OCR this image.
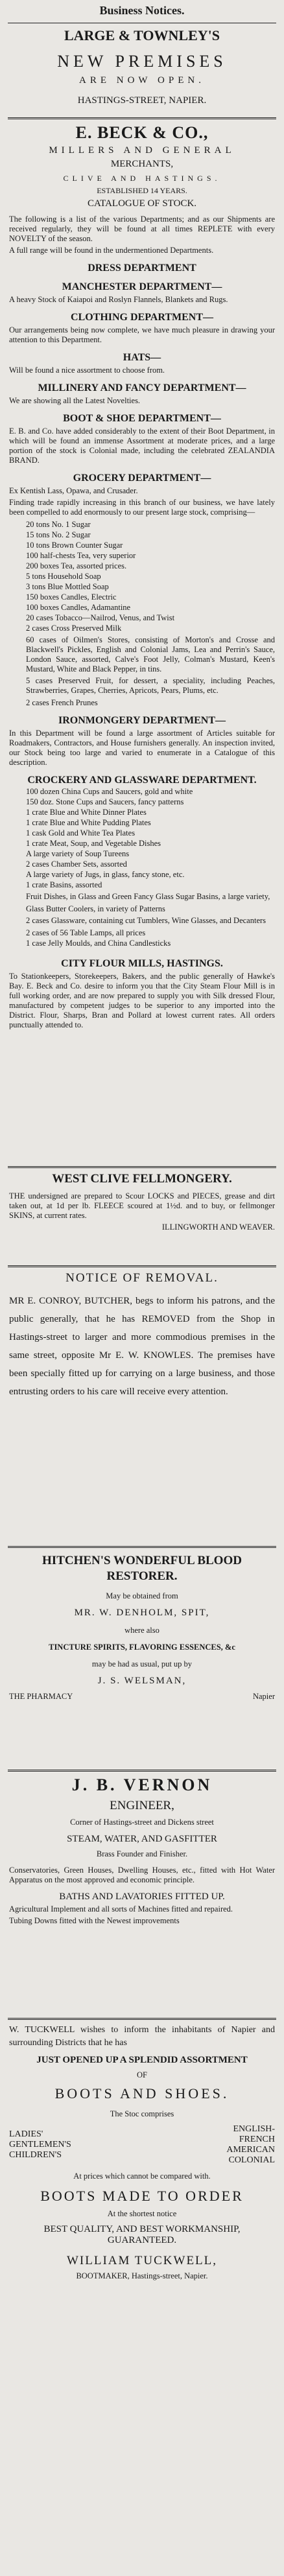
Business Notices.
LARGE & TOWNLEY'S
NEW PREMISES
ARE NOW OPEN.
HASTINGS-STREET, NAPIER.
E. BECK & CO.,
MILLERS AND GENERAL
MERCHANTS,
CLIVE AND HASTINGS.
ESTABLISHED 14 YEARS.
CATALOGUE OF STOCK.
The following is a list of the various Departments; and as our Shipments are received regularly, they will be found at all times REPLETE with every NOVELTY of the season.
A full range will be found in the undermentioned Departments.
DRESS DEPARTMENT
MANCHESTER DEPARTMENT—
A heavy Stock of Kaiapoi and Roslyn Flannels, Blankets and Rugs.
CLOTHING DEPARTMENT—
Our arrangements being now complete, we have much pleasure in drawing your attention to this Department.
HATS—
Will be found a nice assortment to choose from.
MILLINERY AND FANCY DEPARTMENT—
We are showing all the Latest Novelties.
BOOT & SHOE DEPARTMENT—
E. B. and Co. have added considerably to the extent of their Boot Department, in which will be found an immense Assortment at moderate prices, and a large portion of the stock is Colonial made, including the celebrated ZEALANDIA BRAND.
GROCERY DEPARTMENT—
Ex Kentish Lass, Opawa, and Crusader.
Finding trade rapidly increasing in this branch of our business, we have lately been compelled to add enormously to our present large stock, comprising—
20 tons No. 1 Sugar
15 tons No. 2 Sugar
10 tons Brown Counter Sugar
100 half-chests Tea, very superior
200 boxes Tea, assorted prices.
5 tons Household Soap
3 tons Blue Mottled Soap
150 boxes Candles, Electric
100 boxes Candles, Adamantine
20 cases Tobacco—Nailrod, Venus, and Twist
2 cases Cross Preserved Milk
60 cases of Oilmen's Stores, consisting of Morton's and Crosse and Blackwell's Pickles, English and Colonial Jams, Lea and Perrin's Sauce, London Sauce, assorted, Calve's Foot Jelly, Colman's Mustard, Keen's Mustard, White and Black Pepper, in tins.
5 cases Preserved Fruit, for dessert, a speciality, including Peaches, Strawberries, Grapes, Cherries, Apricots, Pears, Plums, etc.
2 cases French Prunes
IRONMONGERY DEPARTMENT—
In this Department will be found a large assortment of Articles suitable for Roadmakers, Contractors, and House furnishers generally. An inspection invited, our Stock being too large and varied to enumerate in a Catalogue of this description.
CROCKERY AND GLASSWARE DEPARTMENT.
100 dozen China Cups and Saucers, gold and white
150 doz. Stone Cups and Saucers, fancy patterns
1 crate Blue and White Dinner Plates
1 crate Blue and White Pudding Plates
1 cask Gold and White Tea Plates
1 crate Meat, Soup, and Vegetable Dishes
A large variety of Soup Tureens
2 cases Chamber Sets, assorted
A large variety of Jugs, in glass, fancy stone, etc.
1 crate Basins, assorted
Fruit Dishes, in Glass and Green Fancy Glass Sugar Basins, a large variety,
Glass Butter Coolers, in variety of Patterns
2 cases Glassware, containing cut Tumblers, Wine Glasses, and Decanters
2 cases of 56 Table Lamps, all prices
1 case Jelly Moulds, and China Candlesticks
CITY FLOUR MILLS, HASTINGS.
To Stationkeepers, Storekeepers, Bakers, and the public generally of Hawke's Bay. E. Beck and Co. desire to inform you that the City Steam Flour Mill is in full working order, and are now prepared to supply you with Silk dressed Flour, manufactured by competent judges to be superior to any imported into the District. Flour, Sharps, Bran and Pollard at lowest current rates. All orders punctually attended to.
WEST CLIVE FELLMONGERY.
THE undersigned are prepared to Scour LOCKS and PIECES, grease and dirt taken out, at 1d per lb. FLEECE scoured at 1½d. and to buy, or fellmonger SKINS, at current rates.
ILLINGWORTH AND WEAVER.
NOTICE OF REMOVAL.
MR E. CONROY, BUTCHER, begs to inform his patrons, and the public generally, that he has REMOVED from the Shop in Hastings-street to larger and more commodious premises in the same street, opposite Mr E. W. KNOWLES. The premises have been specially fitted up for carrying on a large business, and those entrusting orders to his care will receive every attention.
HITCHEN'S WONDERFUL BLOOD RESTORER.
May be obtained from
MR. W. DENHOLM, SPIT,
where also
TINCTURE SPIRITS, FLAVORING ESSENCES, &c
may be had as usual, put up by
J. S. WELSMAN,
THE PHARMACY	Napier
J. B. VERNON
ENGINEER,
Corner of Hastings-street and Dickens street
STEAM, WATER, AND GASFITTER
Brass Founder and Finisher.
Conservatories, Green Houses, Dwelling Houses, etc., fitted with Hot Water Apparatus on the most approved and economic principle.
BATHS AND LAVATORIES FITTED UP.
Agricultural Implement and all sorts of Machines fitted and repaired.
Tubing Downs fitted with the Newest improvements
W. TUCKWELL wishes to inform the inhabitants of Napier and surrounding Districts that he has
JUST OPENED UP A SPLENDID ASSORTMENT
OF
BOOTS AND SHOES.
The Stoc comprises
LADIES'
GENTLEMEN'S
CHILDREN'S
ENGLISH-
FRENCH
AMERICAN
COLONIAL
At prices which cannot be compared with.
BOOTS MADE TO ORDER
At the shortest notice
BEST QUALITY, AND BEST WORKMANSHIP, GUARANTEED.
WILLIAM TUCKWELL,
BOOTMAKER, Hastings-street, Napier.
